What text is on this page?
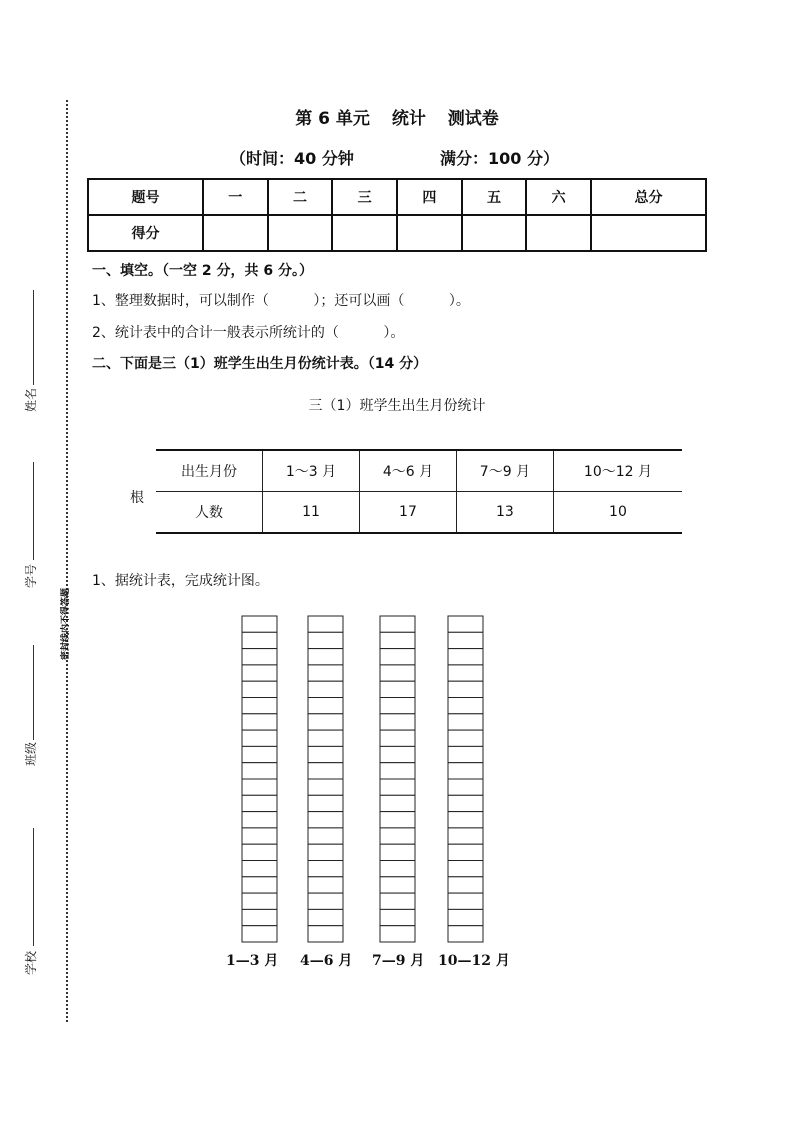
姓名
学号
班级
学校
密封线内不得答题
第 6 单元 统计 测试卷
（时间：40 分钟	满分：100 分）
题号	一	二	三	四	五	六	总分
得分							
一、填空。（一空 2 分，共 6 分。）
1、整理数据时，可以制作（          ）；还可以画（          ）。
2、统计表中的合计一般表示所统计的（          ）。
二、下面是三（1）班学生出生月份统计表。（14 分）
三（1）班学生出生月份统计
根
出生月份	1～3 月	4～6 月	7～9 月	10～12 月
人数	11	17	13	10
1、据统计表，完成统计图。
1—3 月 4—6 月 7—9 月 10—12 月
